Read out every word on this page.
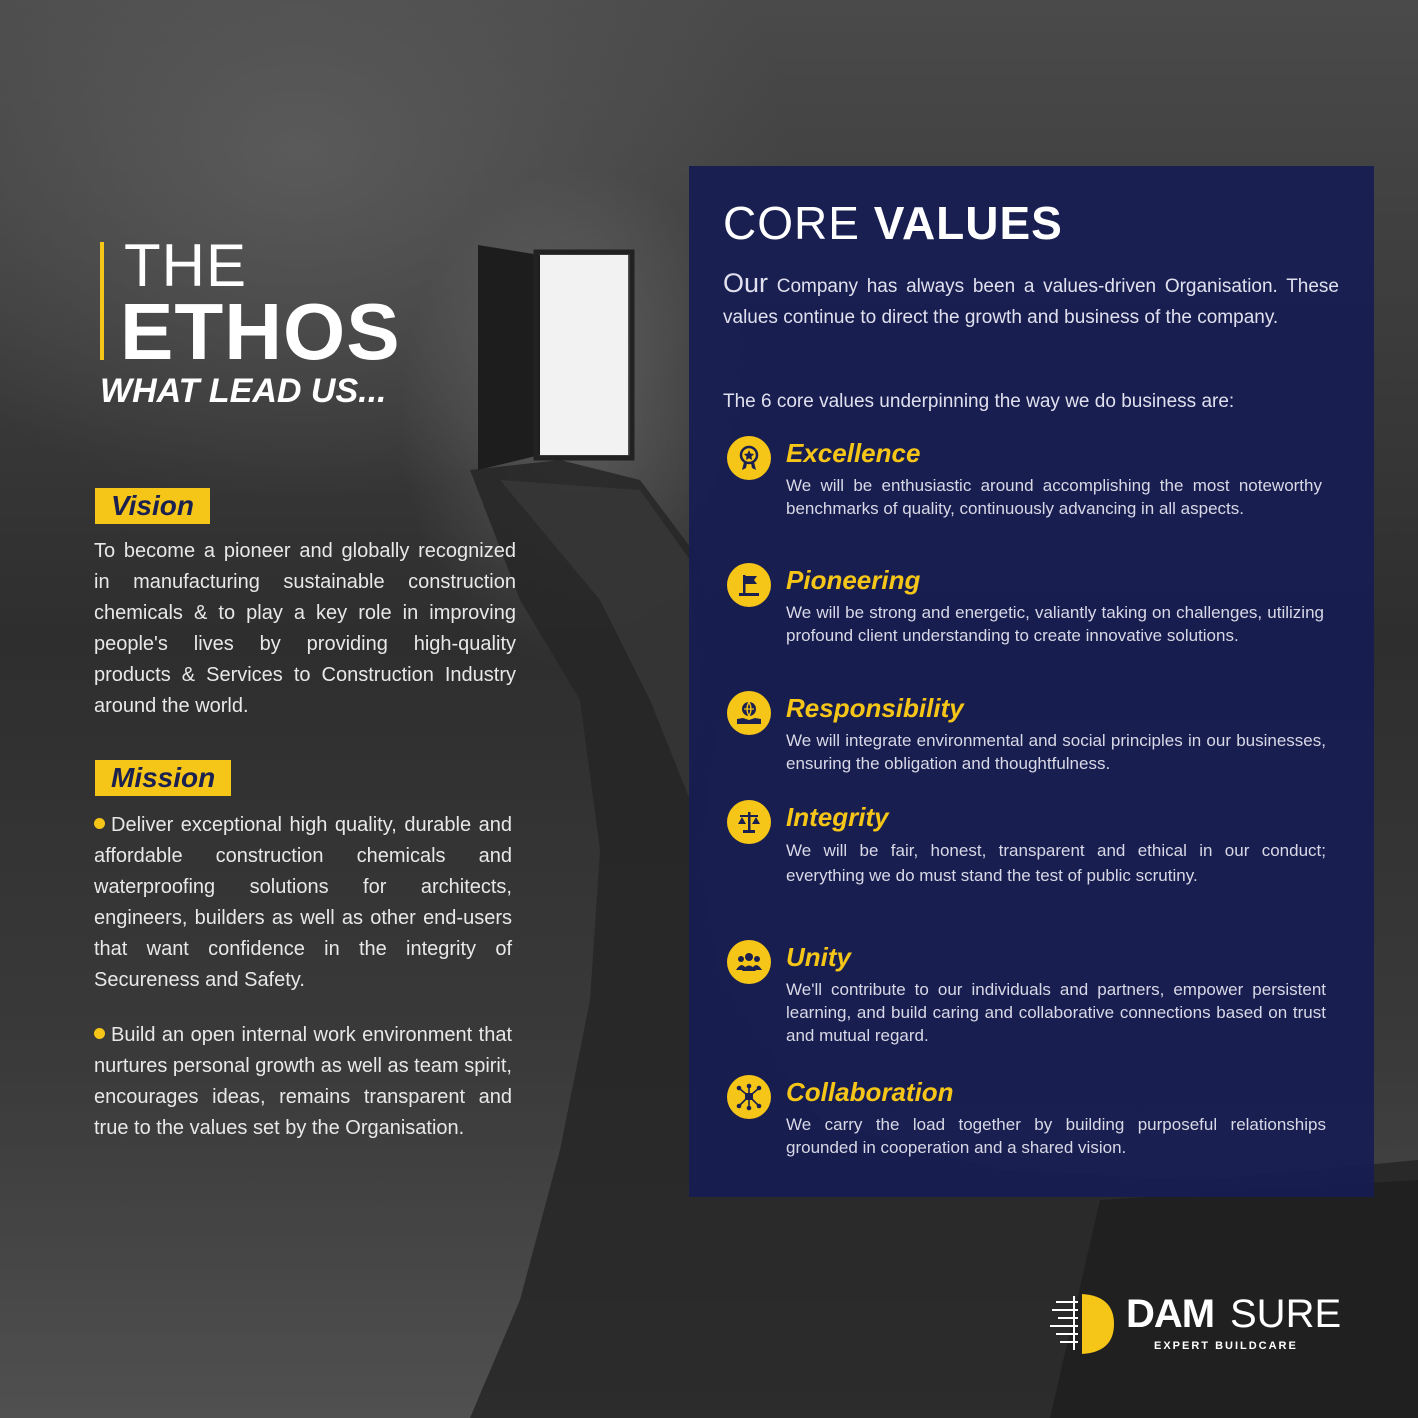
THE
ETHOS
WHAT LEAD US...
Vision
To become a pioneer and globally recognized in manufacturing sustainable construction chemicals & to play a key role in improving people's lives by providing high-quality products & Services to Construction Industry around the world.
Mission
Deliver exceptional high quality, durable and affordable construction chemicals and waterproofing solutions for architects, engineers, builders as well as other end-users that want confidence in the integrity of Secureness and Safety.
Build an open internal work environment that nurtures personal growth as well as team spirit, encourages ideas, remains transparent and true to the values set by the Organisation.
CORE VALUES
Our Company has always been a values-driven Organisation. These values continue to direct the growth and business of the company.
The 6 core values underpinning the way we do business are:
Excellence
We will be enthusiastic around accomplishing the most noteworthy benchmarks of quality, continuously advancing in all aspects.
Pioneering
We will be strong and energetic, valiantly taking on challenges, utilizing profound client understanding to create innovative solutions.
Responsibility
We will integrate environmental and social principles in our businesses, ensuring the obligation and thoughtfulness.
Integrity
We will be fair, honest, transparent and ethical in our conduct; everything we do must stand the test of public scrutiny.
Unity
We'll contribute to our individuals and partners, empower persistent learning, and build caring and collaborative connections based on trust and mutual regard.
Collaboration
We carry the load together by building purposeful relationships grounded in cooperation and a shared vision.
DAM SURE
EXPERT BUILDCARE
